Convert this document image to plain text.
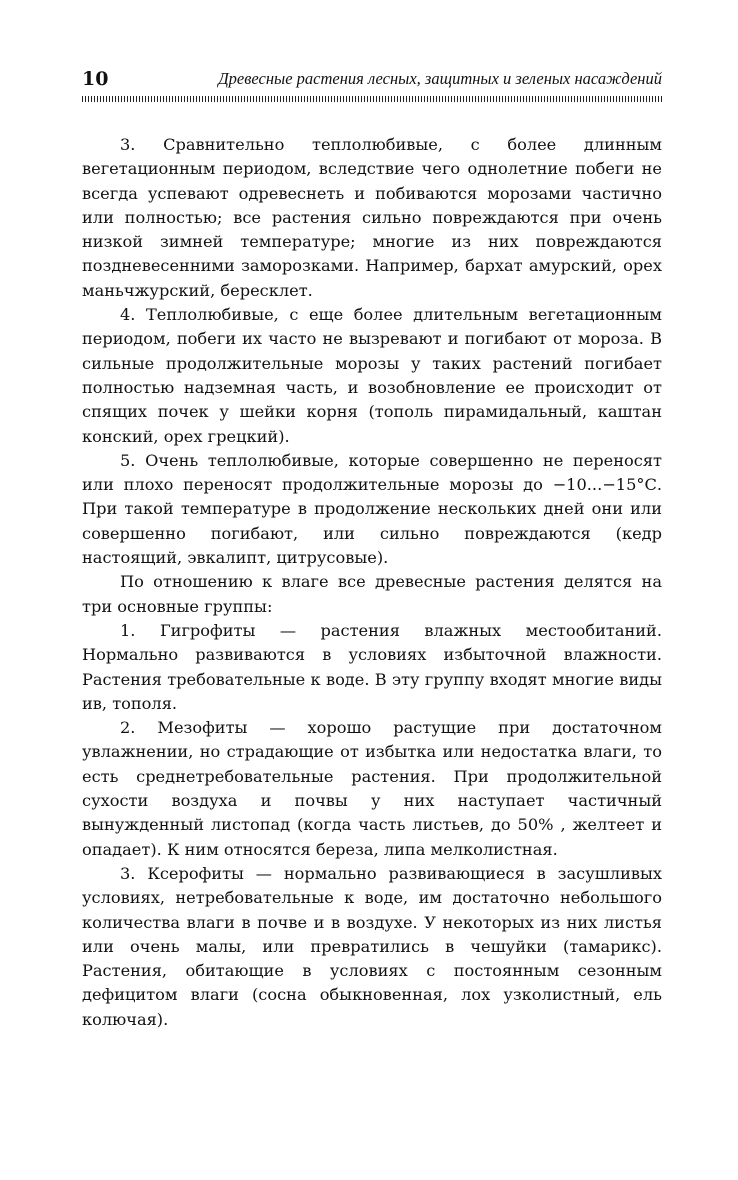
10	Древесные растения лесных, защитных и зеленых насаждений

3. Сравнительно теплолюбивые, с более длинным вегетационным периодом, вследствие чего однолетние побеги не всегда успевают одревеснеть и побиваются морозами частично или полностью; все растения сильно повреждаются при очень низкой зимней температуре; многие из них повреждаются поздневесенними заморозками. Например, бархат амурский, орех маньчжурский, бересклет.

4. Теплолюбивые, с еще более длительным вегетационным периодом, побеги их часто не вызревают и погибают от мороза. В сильные продолжительные морозы у таких растений погибает полностью надземная часть, и возобновление ее происходит от спящих почек у шейки корня (тополь пирамидальный, каштан конский, орех грецкий).

5. Очень теплолюбивые, которые совершенно не переносят или плохо переносят продолжительные морозы до −10...−15°С. При такой температуре в продолжение нескольких дней они или совершенно погибают, или сильно повреждаются (кедр настоящий, эвкалипт, цитрусовые).

По отношению к влаге все древесные растения делятся на три основные группы:

1. Гигрофиты — растения влажных местообитаний. Нормально развиваются в условиях избыточной влажности. Растения требовательные к воде. В эту группу входят многие виды ив, тополя.

2. Мезофиты — хорошо растущие при достаточном увлажнении, но страдающие от избытка или недостатка влаги, то есть среднетребовательные растения. При продолжительной сухости воздуха и почвы у них наступает частичный вынужденный листопад (когда часть листьев, до 50% , желтеет и опадает). К ним относятся береза, липа мелколистная.

3. Ксерофиты — нормально развивающиеся в засушливых условиях, нетребовательные к воде, им достаточно небольшого количества влаги в почве и в воздухе. У некоторых из них листья или очень малы, или превратились в чешуйки (тамарикс). Растения, обитающие в условиях с постоянным сезонным дефицитом влаги (сосна обыкновенная, лох узколистный, ель колючая).
